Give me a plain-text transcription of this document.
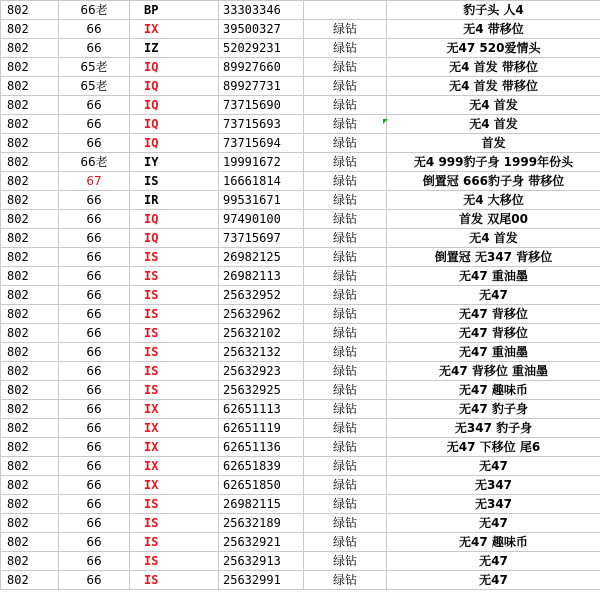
802	66老	BP	33303346		豹子头 人4
802	66	IX	39500327	绿钻	无4 带移位
802	66	IZ	52029231	绿钻	无47 520爱情头
802	65老	IQ	89927660	绿钻	无4 首发 带移位
802	65老	IQ	89927731	绿钻	无4 首发 带移位
802	66	IQ	73715690	绿钻	无4 首发
802	66	IQ	73715693	绿钻	无4 首发
802	66	IQ	73715694	绿钻	首发
802	66老	IY	19991672	绿钻	无4 999豹子身 1999年份头
802	67	IS	16661814	绿钻	倒置冠 666豹子身 带移位
802	66	IR	99531671	绿钻	无4 大移位
802	66	IQ	97490100	绿钻	首发 双尾00
802	66	IQ	73715697	绿钻	无4 首发
802	66	IS	26982125	绿钻	倒置冠 无347 背移位
802	66	IS	26982113	绿钻	无47 重油墨
802	66	IS	25632952	绿钻	无47
802	66	IS	25632962	绿钻	无47 背移位
802	66	IS	25632102	绿钻	无47 背移位
802	66	IS	25632132	绿钻	无47 重油墨
802	66	IS	25632923	绿钻	无47 背移位 重油墨
802	66	IS	25632925	绿钻	无47 趣味币
802	66	IX	62651113	绿钻	无47 豹子身
802	66	IX	62651119	绿钻	无347 豹子身
802	66	IX	62651136	绿钻	无47 下移位 尾6
802	66	IX	62651839	绿钻	无47
802	66	IX	62651850	绿钻	无347
802	66	IS	26982115	绿钻	无347
802	66	IS	25632189	绿钻	无47
802	66	IS	25632921	绿钻	无47 趣味币
802	66	IS	25632913	绿钻	无47
802	66	IS	25632991	绿钻	无47
